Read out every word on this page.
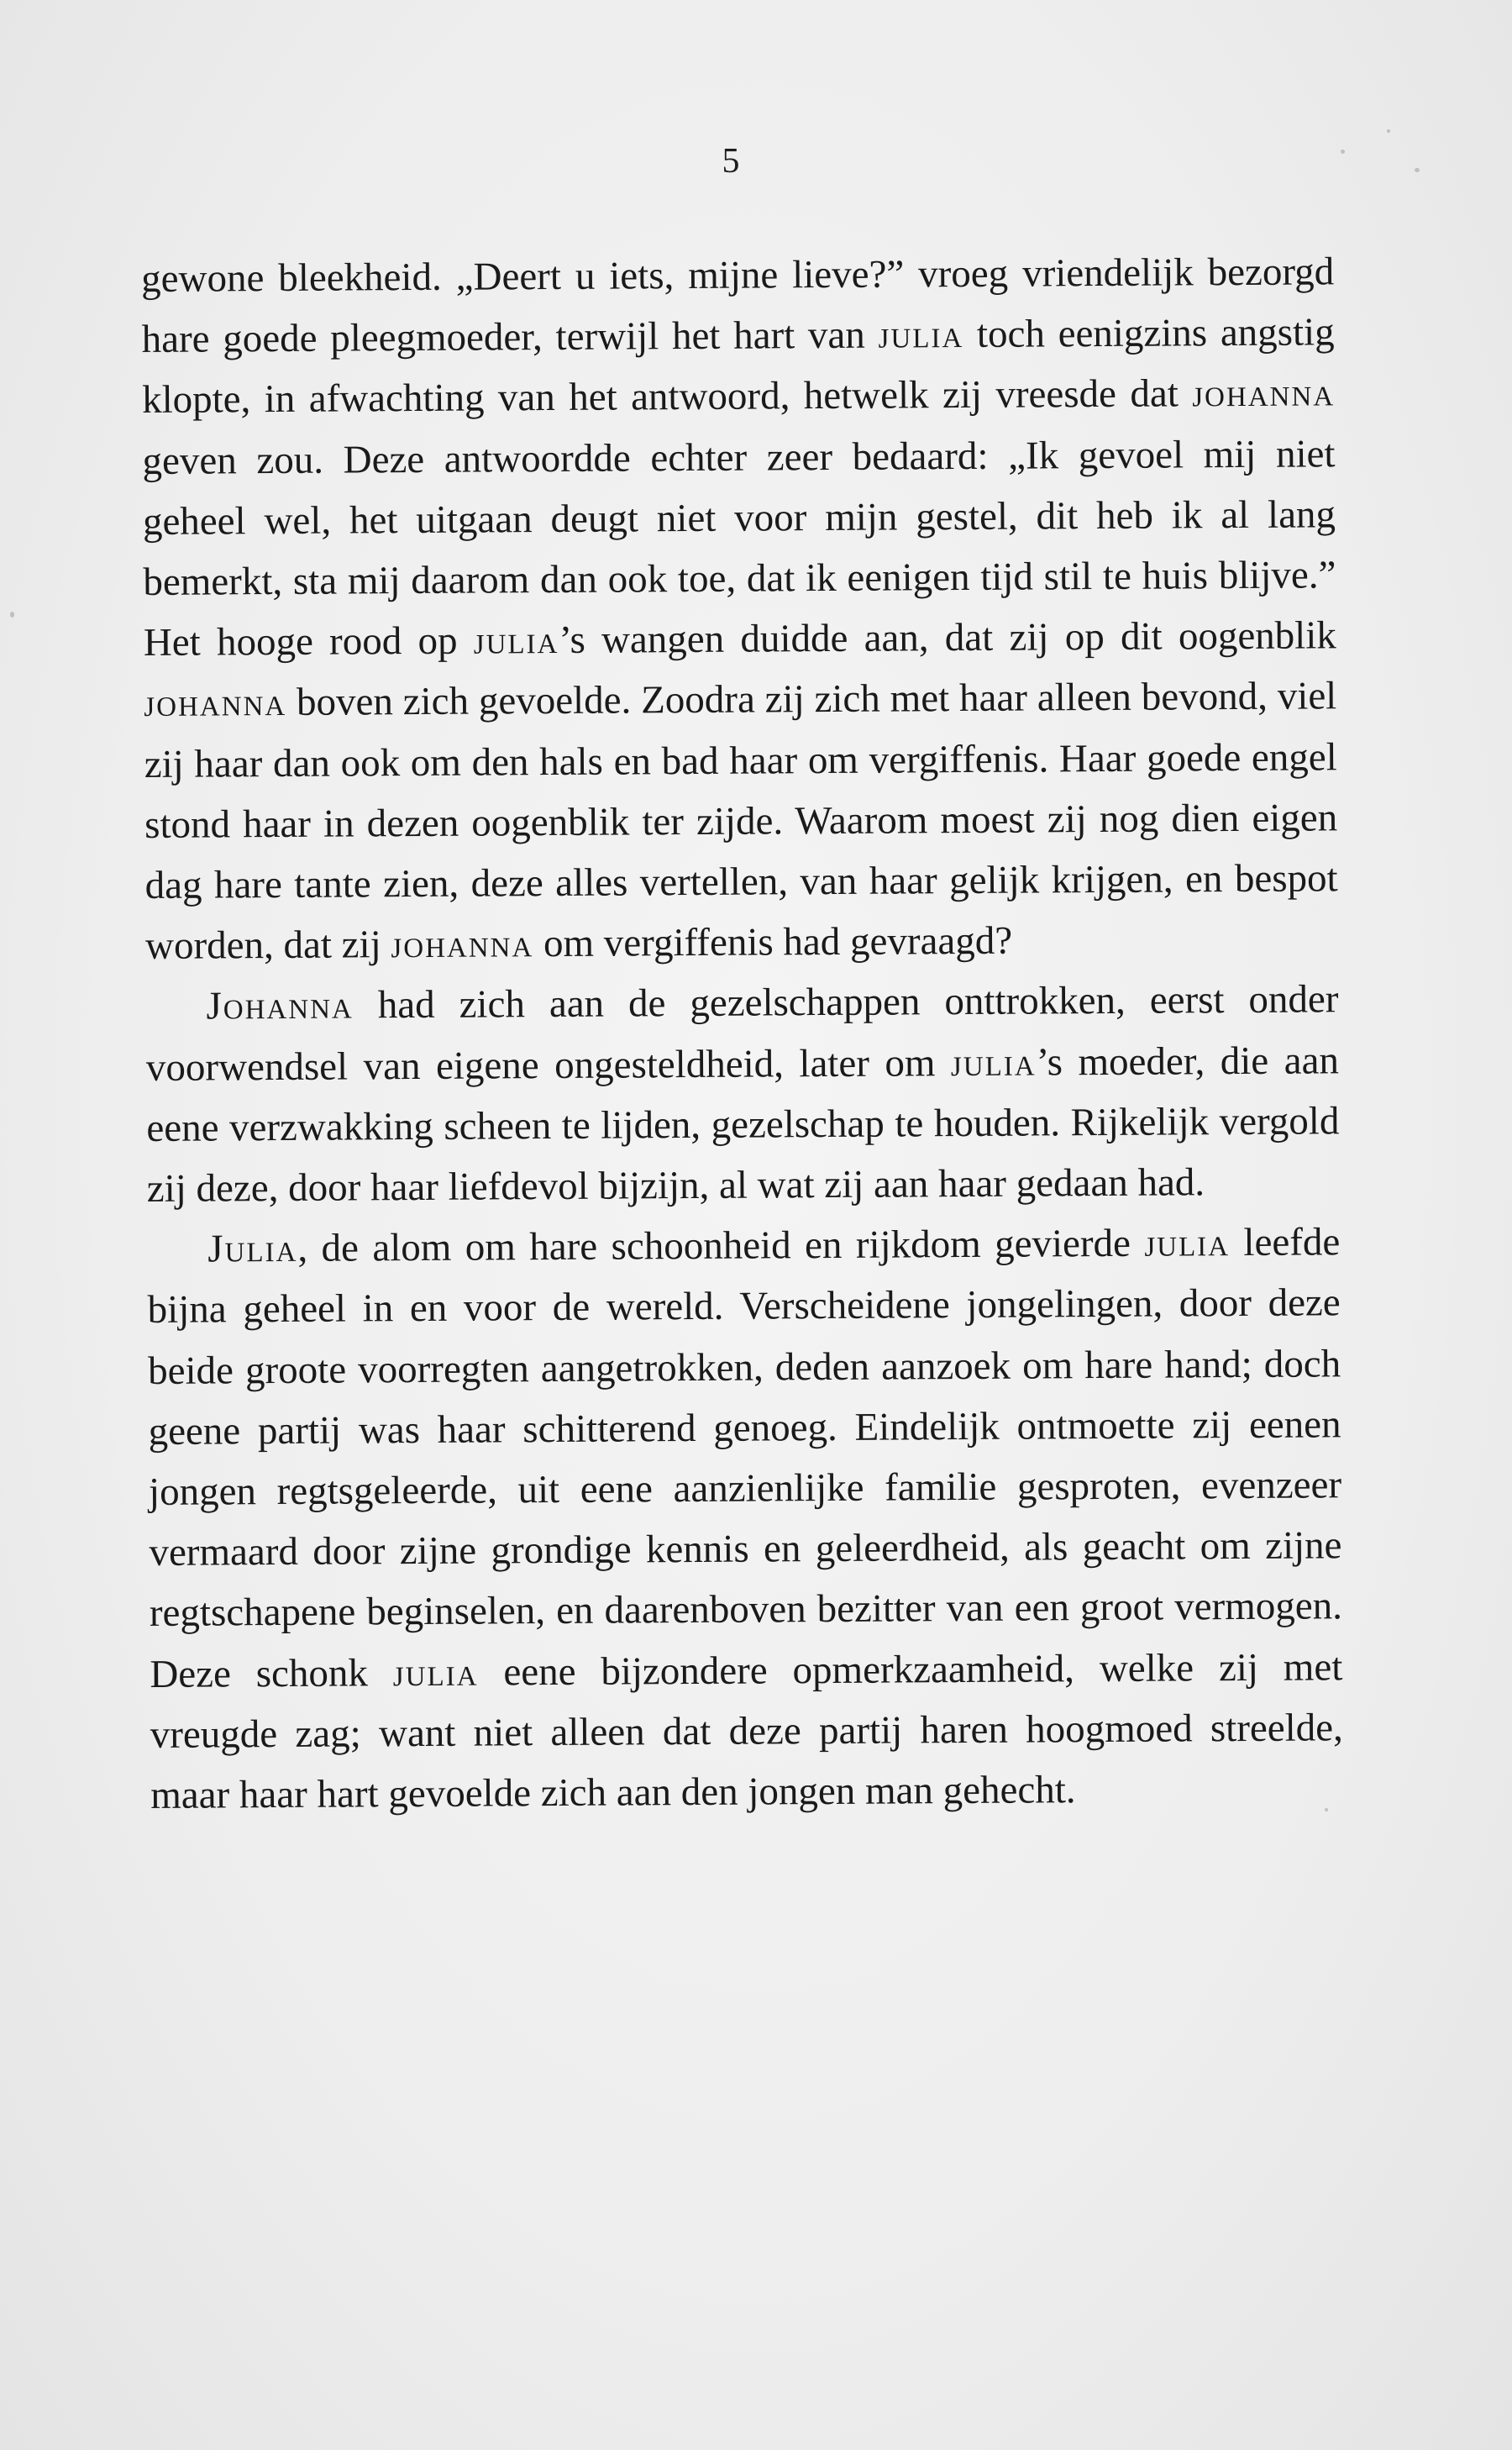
5

gewone bleekheid. „Deert u iets, mijne lieve?” vroeg vriendelijk bezorgd hare goede pleegmoeder, terwijl het hart van julia toch eenigzins angstig klopte, in afwachting van het antwoord, hetwelk zij vreesde dat johanna geven zou. Deze antwoordde echter zeer bedaard: „Ik gevoel mij niet geheel wel, het uitgaan deugt niet voor mijn gestel, dit heb ik al lang bemerkt, sta mij daarom dan ook toe, dat ik eenigen tijd stil te huis blijve.” Het hooge rood op julia’s wangen duidde aan, dat zij op dit oogenblik johanna boven zich gevoelde. Zoodra zij zich met haar alleen bevond, viel zij haar dan ook om den hals en bad haar om vergiffenis. Haar goede engel stond haar in dezen oogenblik ter zijde. Waarom moest zij nog dien eigen dag hare tante zien, deze alles vertellen, van haar gelijk krijgen, en bespot worden, dat zij johanna om vergiffenis had gevraagd?

Johanna had zich aan de gezelschappen onttrokken, eerst onder voorwendsel van eigene ongesteldheid, later om julia’s moeder, die aan eene verzwakking scheen te lijden, gezelschap te houden. Rijkelijk vergold zij deze, door haar liefdevol bijzijn, al wat zij aan haar gedaan had.

Julia, de alom om hare schoonheid en rijkdom gevierde julia leefde bijna geheel in en voor de wereld. Verscheidene jongelingen, door deze beide groote voorregten aangetrokken, deden aanzoek om hare hand; doch geene partij was haar schitterend genoeg. Eindelijk ontmoette zij eenen jongen regtsgeleerde, uit eene aanzienlijke familie gesproten, evenzeer vermaard door zijne grondige kennis en geleerdheid, als geacht om zijne regtschapene beginselen, en daarenboven bezitter van een groot vermogen. Deze schonk julia eene bijzondere opmerkzaamheid, welke zij met vreugde zag; want niet alleen dat deze partij haren hoogmoed streelde, maar haar hart gevoelde zich aan den jongen man gehecht.
